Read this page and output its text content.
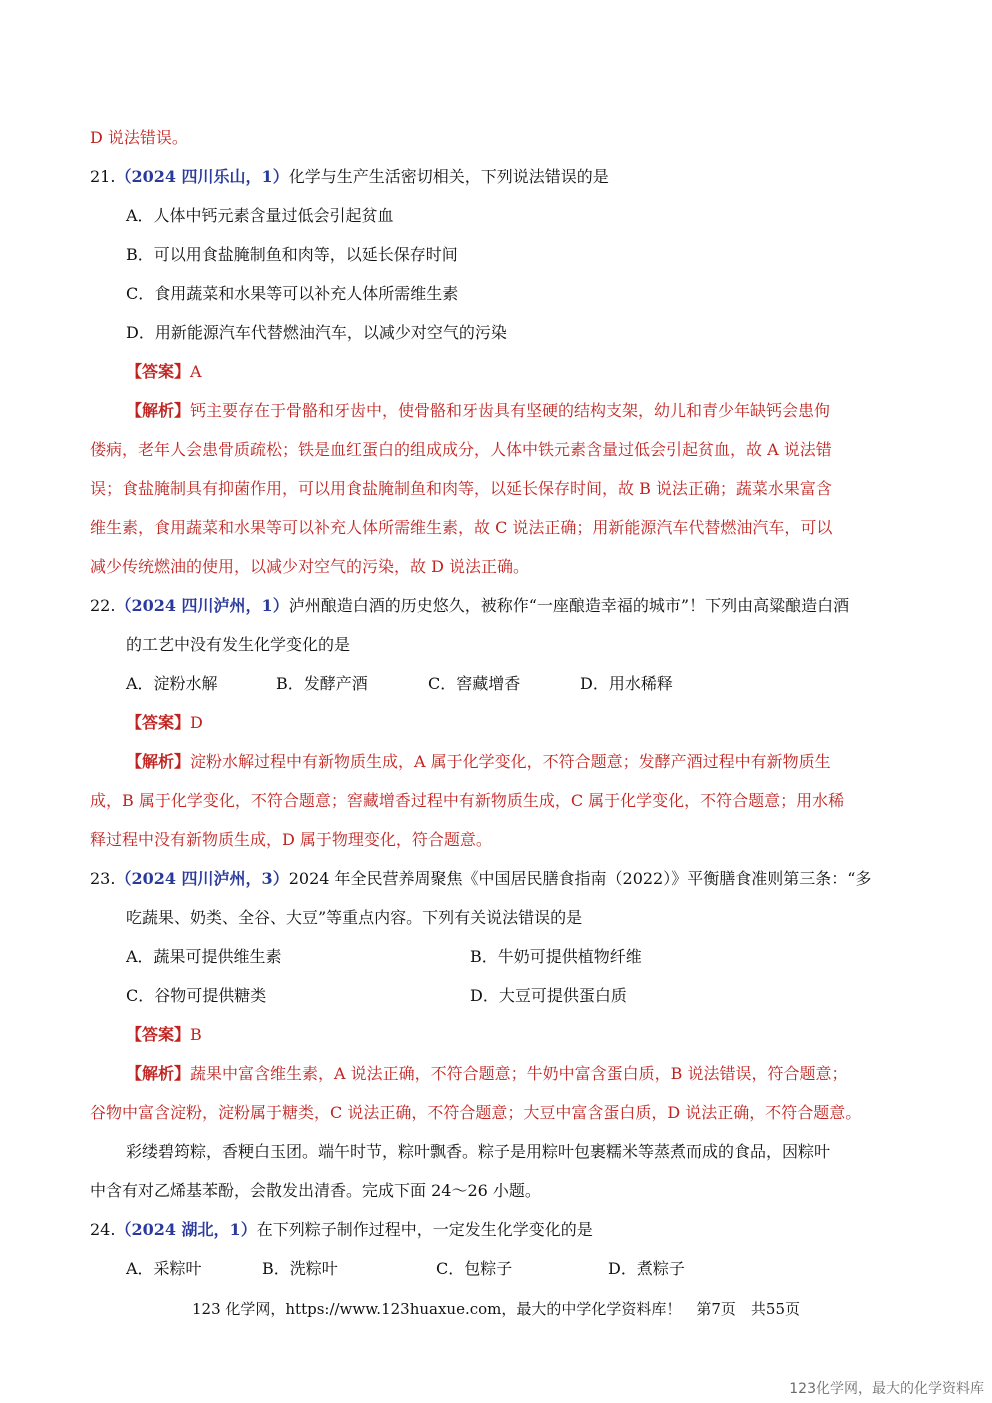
D 说法错误。
21.（2024 四川乐山，1）化学与生产生活密切相关，下列说法错误的是
A．人体中钙元素含量过低会引起贫血
B．可以用食盐腌制鱼和肉等，以延长保存时间
C．食用蔬菜和水果等可以补充人体所需维生素
D．用新能源汽车代替燃油汽车，以减少对空气的污染
【答案】A
【解析】钙主要存在于骨骼和牙齿中，使骨骼和牙齿具有坚硬的结构支架，幼儿和青少年缺钙会患佝
偻病，老年人会患骨质疏松；铁是血红蛋白的组成成分，人体中铁元素含量过低会引起贫血，故 A 说法错
误；食盐腌制具有抑菌作用，可以用食盐腌制鱼和肉等，以延长保存时间，故 B 说法正确；蔬菜水果富含
维生素，食用蔬菜和水果等可以补充人体所需维生素，故 C 说法正确；用新能源汽车代替燃油汽车，可以
减少传统燃油的使用，以减少对空气的污染，故 D 说法正确。
22.（2024 四川泸州，1）泸州酿造白酒的历史悠久，被称作“一座酿造幸福的城市”！下列由高粱酿造白酒
的工艺中没有发生化学变化的是
A．淀粉水解	B．发酵产酒	C．窖藏增香	D．用水稀释
【答案】D
【解析】淀粉水解过程中有新物质生成，A 属于化学变化，不符合题意；发酵产酒过程中有新物质生
成，B 属于化学变化，不符合题意；窖藏增香过程中有新物质生成，C 属于化学变化，不符合题意；用水稀
释过程中没有新物质生成，D 属于物理变化，符合题意。
23.（2024 四川泸州，3）2024 年全民营养周聚焦《中国居民膳食指南（2022）》平衡膳食准则第三条：“多
吃蔬果、奶类、全谷、大豆”等重点内容。下列有关说法错误的是
A．蔬果可提供维生素	B．牛奶可提供植物纤维
C．谷物可提供糖类	D．大豆可提供蛋白质
【答案】B
【解析】蔬果中富含维生素，A 说法正确，不符合题意；牛奶中富含蛋白质，B 说法错误，符合题意；
谷物中富含淀粉，淀粉属于糖类，C 说法正确，不符合题意；大豆中富含蛋白质，D 说法正确，不符合题意。
彩缕碧筠粽，香粳白玉团。端午时节，粽叶飘香。粽子是用粽叶包裹糯米等蒸煮而成的食品，因粽叶
中含有对乙烯基苯酚，会散发出清香。完成下面 24～26 小题。
24.（2024 湖北，1）在下列粽子制作过程中，一定发生化学变化的是
A．采粽叶	B．洗粽叶	C．包粽子	D．煮粽子
123 化学网，https://www.123huaxue.com，最大的中学化学资料库！　第7页　共55页
123化学网，最大的化学资料库
